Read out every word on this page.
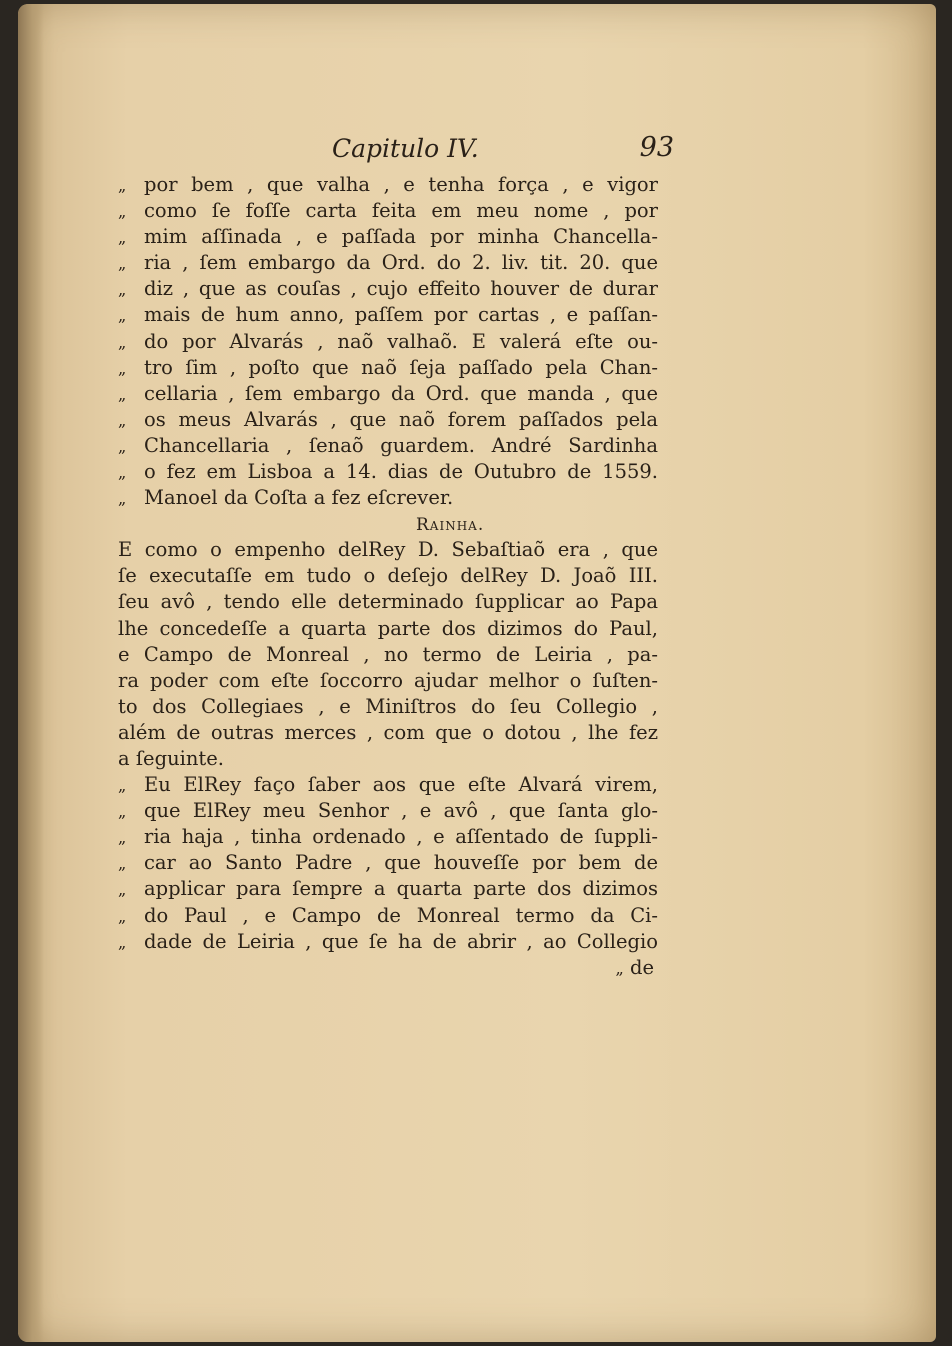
Capitulo IV.	93
„ por bem , que valha , e tenha força , e vigor
„ como ſe foſſe carta feita em meu nome , por
„ mim aſſinada , e paſſada por minha Chancella-
„ ria , ſem embargo da Ord. do 2. liv. tit. 20. que
„ diz , que as couſas , cujo effeito houver de durar
„ mais de hum anno, paſſem por cartas , e paſſan-
„ do por Alvarás , naõ valhaõ. E valerá eſte ou-
„ tro ſim , poſto que naõ ſeja paſſado pela Chan-
„ cellaria , ſem embargo da Ord. que manda , que
„ os meus Alvarás , que naõ forem paſſados pela
„ Chancellaria , ſenaõ guardem. André Sardinha
„ o fez em Lisboa a 14. dias de Outubro de 1559.
„ Manoel da Coſta a fez eſcrever.
Rainha.
E como o empenho delRey D. Sebaſtiaõ era , que
ſe executaſſe em tudo o deſejo delRey D. Joaõ III.
ſeu avô , tendo elle determinado ſupplicar ao Papa
lhe concedeſſe a quarta parte dos dizimos do Paul,
e Campo de Monreal , no termo de Leiria , pa-
ra poder com eſte ſoccorro ajudar melhor o ſuſten-
to dos Collegiaes , e Miniſtros do ſeu Collegio ,
além de outras merces , com que o dotou , lhe fez
a ſeguinte.
„ Eu ElRey faço ſaber aos que eſte Alvará virem,
„ que ElRey meu Senhor , e avô , que ſanta glo-
„ ria haja , tinha ordenado , e aſſentado de ſuppli-
„ car ao Santo Padre , que houveſſe por bem de
„ applicar para ſempre a quarta parte dos dizimos
„ do Paul , e Campo de Monreal termo da Ci-
„ dade de Leiria , que ſe ha de abrir , ao Collegio
„ de
